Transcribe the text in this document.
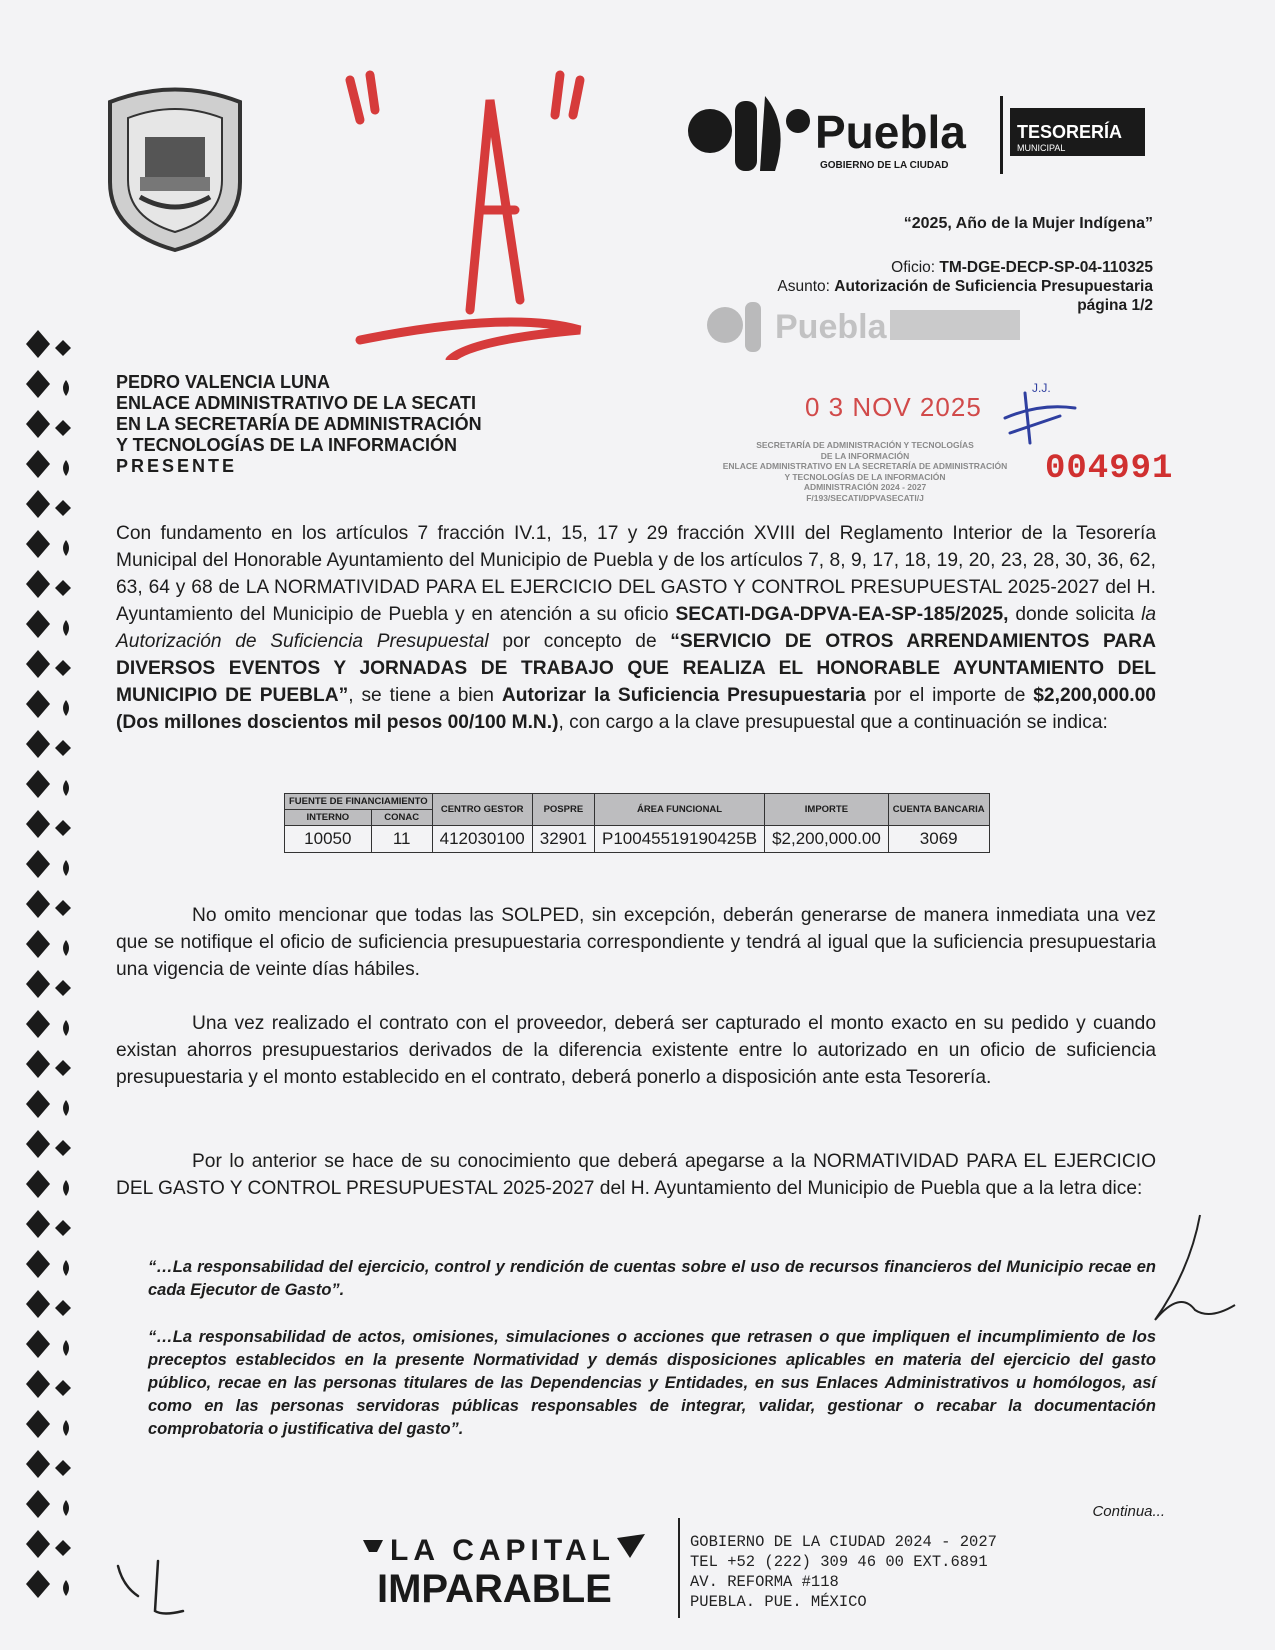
Puebla
GOBIERNO DE LA CIUDAD
TESORERÍA
MUNICIPAL
Puebla
“2025, Año de la Mujer Indígena”
Oficio: TM-DGE-DECP-SP-04-110325
Asunto: Autorización de Suficiencia Presupuestaria
página 1/2
PEDRO VALENCIA LUNA
ENLACE ADMINISTRATIVO DE LA SECATI
EN LA SECRETARÍA DE ADMINISTRACIÓN
Y TECNOLOGÍAS DE LA INFORMACIÓN
PRESENTE
0 3 NOV 2025
J.J.
SECRETARÍA DE ADMINISTRACIÓN Y TECNOLOGÍAS
DE LA INFORMACIÓN
ENLACE ADMINISTRATIVO EN LA SECRETARÍA DE ADMINISTRACIÓN
Y TECNOLOGÍAS DE LA INFORMACIÓN
ADMINISTRACIÓN 2024 - 2027
F/193/SECATI/DPVASECATI/J
004991
Con fundamento en los artículos 7 fracción IV.1, 15, 17 y 29 fracción XVIII del Reglamento Interior de la Tesorería Municipal del Honorable Ayuntamiento del Municipio de Puebla y de los artículos 7, 8, 9, 17, 18, 19, 20, 23, 28, 30, 36, 62, 63, 64 y 68 de LA NORMATIVIDAD PARA EL EJERCICIO DEL GASTO Y CONTROL PRESUPUESTAL 2025-2027 del H. Ayuntamiento del Municipio de Puebla y en atención a su oficio SECATI-DGA-DPVA-EA-SP-185/2025, donde solicita la Autorización de Suficiencia Presupuestal por concepto de “SERVICIO DE OTROS ARRENDAMIENTOS PARA DIVERSOS EVENTOS Y JORNADAS DE TRABAJO QUE REALIZA EL HONORABLE AYUNTAMIENTO DEL MUNICIPIO DE PUEBLA”, se tiene a bien Autorizar la Suficiencia Presupuestaria por el importe de $2,200,000.00 (Dos millones doscientos mil pesos 00/100 M.N.), con cargo a la clave presupuestal que a continuación se indica:
FUENTE DE FINANCIAMIENTO		CENTRO GESTOR	POSPRE	ÁREA FUNCIONAL	IMPORTE	CUENTA BANCARIA
INTERNO	CONAC					
10050	11	412030100	32901	P10045519190425B	$2,200,000.00	3069
No omito mencionar que todas las SOLPED, sin excepción, deberán generarse de manera inmediata una vez que se notifique el oficio de suficiencia presupuestaria correspondiente y tendrá al igual que la suficiencia presupuestaria una vigencia de veinte días hábiles.
Una vez realizado el contrato con el proveedor, deberá ser capturado el monto exacto en su pedido y cuando existan ahorros presupuestarios derivados de la diferencia existente entre lo autorizado en un oficio de suficiencia presupuestaria y el monto establecido en el contrato, deberá ponerlo a disposición ante esta Tesorería.
Por lo anterior se hace de su conocimiento que deberá apegarse a la NORMATIVIDAD PARA EL EJERCICIO DEL GASTO Y CONTROL PRESUPUESTAL 2025-2027 del H. Ayuntamiento del Municipio de Puebla que a la letra dice:
“…La responsabilidad del ejercicio, control y rendición de cuentas sobre el uso de recursos financieros del Municipio recae en cada Ejecutor de Gasto”.
“…La responsabilidad de actos, omisiones, simulaciones o acciones que retrasen o que impliquen el incumplimiento de los preceptos establecidos en la presente Normatividad y demás disposiciones aplicables en materia del ejercicio del gasto público, recae en las personas titulares de las Dependencias y Entidades, en sus Enlaces Administrativos u homólogos, así como en las personas servidoras públicas responsables de integrar, validar, gestionar o recabar la documentación comprobatoria o justificativa del gasto”.
Continua...
LA CAPITAL
IMPARABLE
GOBIERNO DE LA CIUDAD 2024 - 2027
TEL +52 (222) 309 46 00 EXT.6891
AV. REFORMA #118
PUEBLA. PUE. MÉXICO
